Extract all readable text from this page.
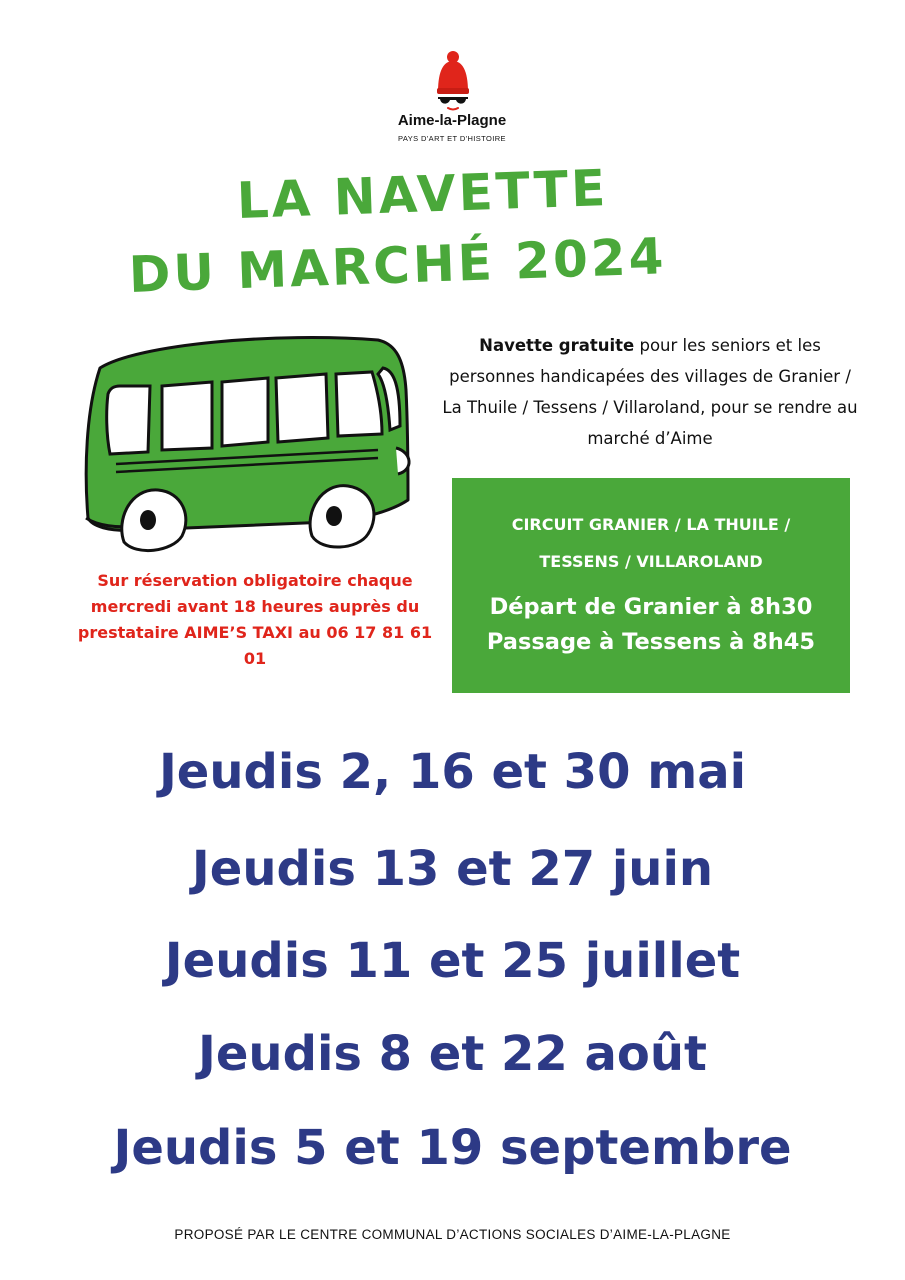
Aime-la-Plagne
PAYS D'ART ET D'HISTOIRE
LA NAVETTE
DU MARCHÉ 2024
Navette gratuite pour les seniors et les personnes handicapées des villages de Granier / La Thuile / Tessens / Villaroland, pour se rendre au marché d’Aime
CIRCUIT GRANIER / LA THUILE / TESSENS / VILLAROLAND
Départ de Granier à 8h30
Passage à Tessens à 8h45
Sur réservation obligatoire chaque mercredi avant 18 heures auprès du prestataire AIME’S TAXI au 06 17 81 61 01
Jeudis 2, 16 et 30 mai
Jeudis 13 et 27 juin
Jeudis 11 et 25 juillet
Jeudis 8 et 22 août
Jeudis 5 et 19 septembre
PROPOSÉ PAR LE CENTRE COMMUNAL D’ACTIONS SOCIALES D’AIME-LA-PLAGNE
